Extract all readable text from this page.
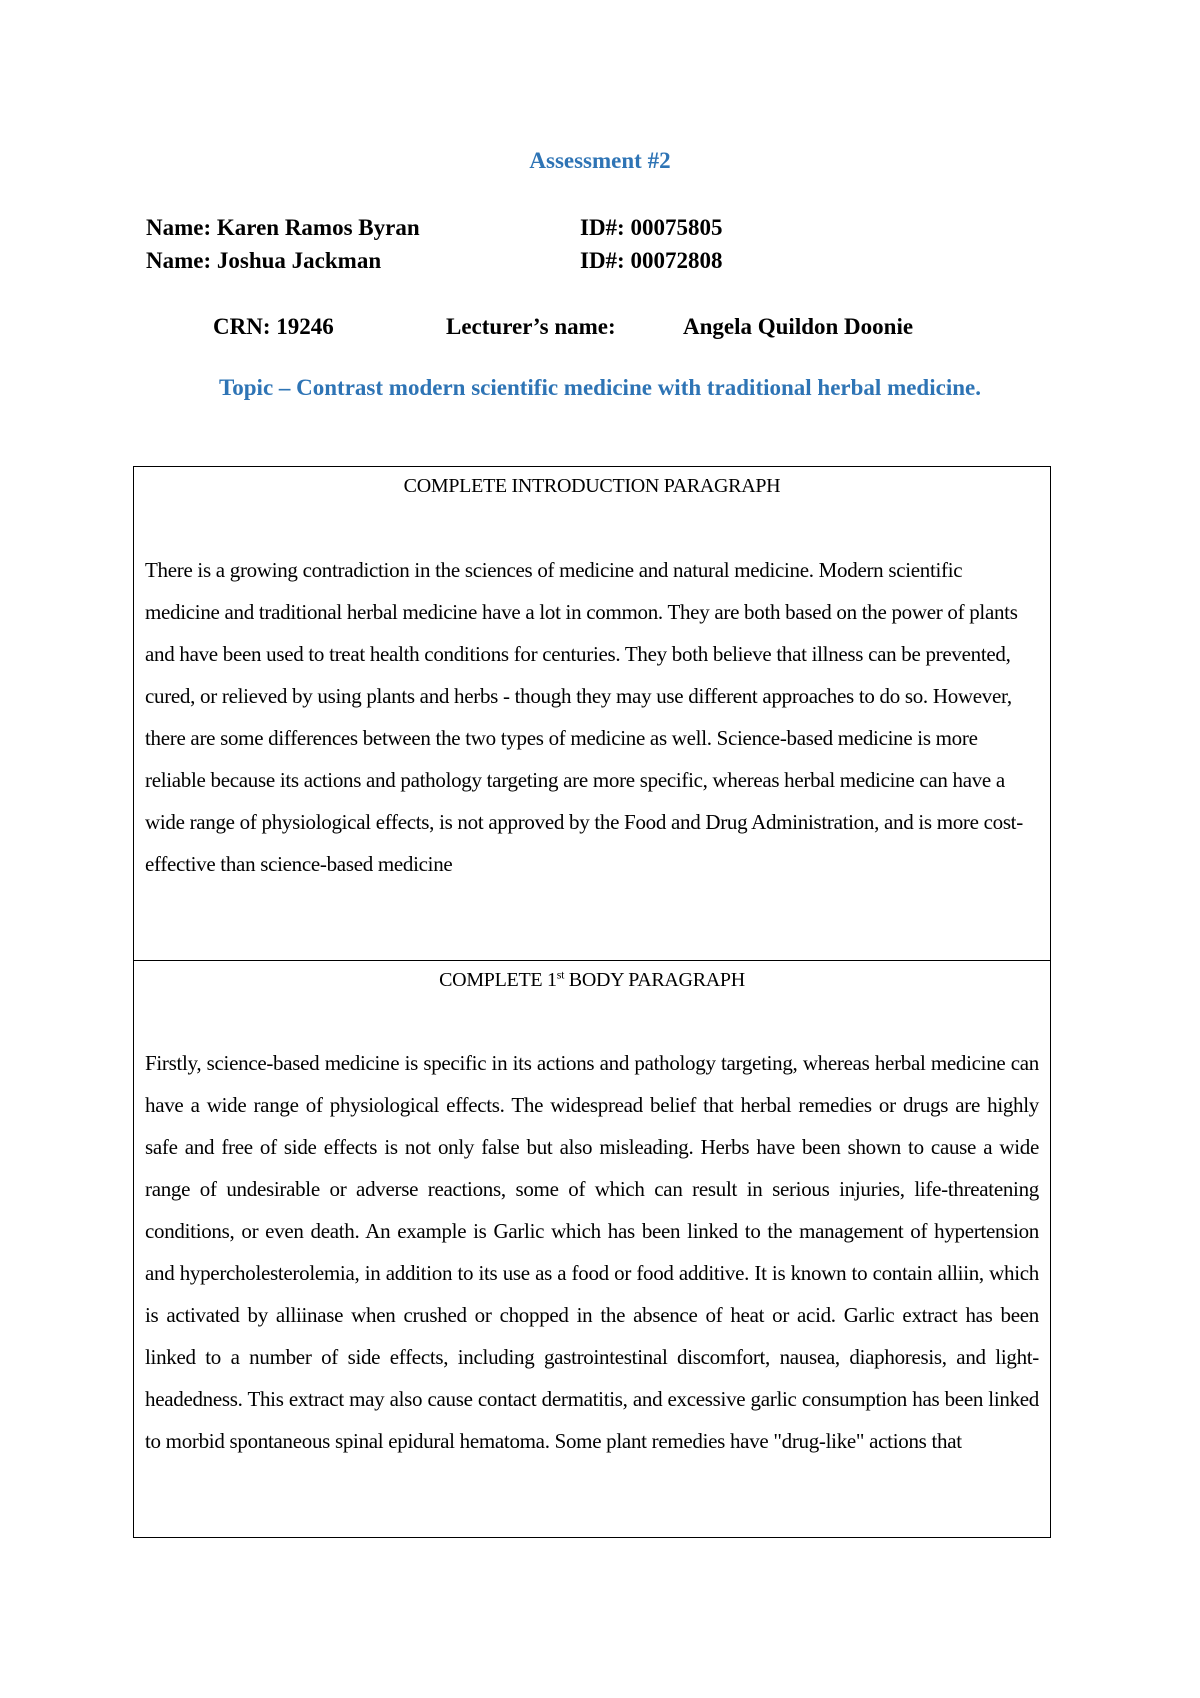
Assessment #2
Name: Karen Ramos Byran	ID#: 00075805
Name: Joshua Jackman	ID#: 00072808
CRN: 19246	Lecturer’s name:	Angela Quildon Doonie
Topic – Contrast modern scientific medicine with traditional herbal medicine.
COMPLETE INTRODUCTION PARAGRAPH
There is a growing contradiction in the sciences of medicine and natural medicine. Modern scientific medicine and traditional herbal medicine have a lot in common. They are both based on the power of plants and have been used to treat health conditions for centuries. They both believe that illness can be prevented, cured, or relieved by using plants and herbs - though they may use different approaches to do so. However, there are some differences between the two types of medicine as well. Science-based medicine is more reliable because its actions and pathology targeting are more specific, whereas herbal medicine can have a wide range of physiological effects, is not approved by the Food and Drug Administration, and is more cost-effective than science-based medicine
COMPLETE 1st BODY PARAGRAPH
Firstly, science-based medicine is specific in its actions and pathology targeting, whereas herbal medicine can have a wide range of physiological effects. The widespread belief that herbal remedies or drugs are highly safe and free of side effects is not only false but also misleading. Herbs have been shown to cause a wide range of undesirable or adverse reactions, some of which can result in serious injuries, life-threatening conditions, or even death. An example is Garlic which has been linked to the management of hypertension and hypercholesterolemia, in addition to its use as a food or food additive. It is known to contain alliin, which is activated by alliinase when crushed or chopped in the absence of heat or acid. Garlic extract has been linked to a number of side effects, including gastrointestinal discomfort, nausea, diaphoresis, and light-headedness. This extract may also cause contact dermatitis, and excessive garlic consumption has been linked to morbid spontaneous spinal epidural hematoma. Some plant remedies have "drug-like" actions that
